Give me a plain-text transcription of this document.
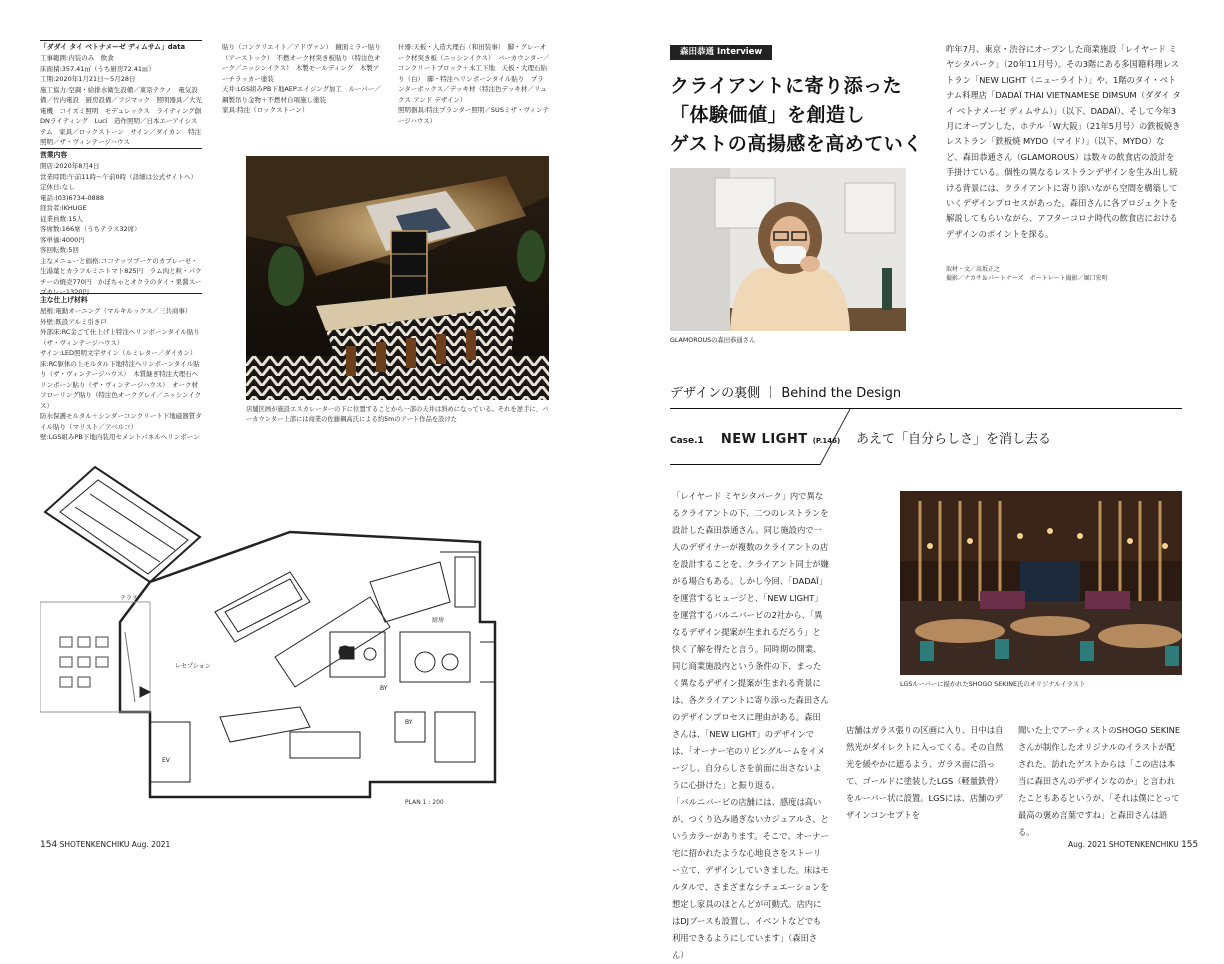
「ダダイ タイ ベトナメーゼ ディムサム」data
工事範囲:内装のみ　飲食
床面積:357.41㎡（うち厨房72.41㎡）
工期:2020年1月21日〜5月28日
施工協力:空調・給排水衛生設備／東京テクノ　電気設備／竹内電設　厨房設備／フジマック　照明器具／大光電機　コイズミ照明　モデュレックス　ライティング創　DNライティング　Luci　造作照明／日本エーアイシステム　家具／ロックストーン　サイン／ダイカン　特注照明／ザ・ヴィンテージハウス
営業内容
開店:2020年8月4日
営業時間:午前11時〜午前0時（詳細は公式サイトへ）
定休日:なし
電話:(03)6734-0888
経営者:IKHUGE
従業員数:15人
客席数:166席（うちテラス32席）
客単価:4000円
客回転数:5回
主なメニューと価格:ココナッツブーケのカプレーゼ・生湯葉とカラフルミニトマト825円　ラム肉と粒・パクチーの焼売770円　かぼちゃとオクラのタイ・果醤スープカレー1320円
主な仕上げ材料
屋根:電動オーニング（マルキルックス／三共商事）
外壁:既設アルミ引き戸
外部床:RC金ごて仕上げ上特注ヘリンボーンタイル貼り（ザ・ヴィンテージハウス）
サイン:LED照明文字サイン（ルミレター／ダイカン）
床:RC躯体の上モルタル下地特注ヘリンボーンタイル貼り（ザ・ヴィンテージハウス）　木質継ぎ特注大理石ヘリンボーン貼り（ザ・ヴィンテージハウス）　オーク材フローリング貼り（特注色オークグレイ／ニッシンイクス）
防水保護モルタル＋シンダーコンクリート下地磁器質タイル貼り（マリスト／アベルコ）
壁:LGS組みPB下地内装用セメントパネルヘリンボーン
貼り（コンクリエイト／アドヴァン）　鏡面ミラー貼り（アーストック）　不燃オーク材突き板貼り（特注色オーク／ニッシンイクス）　木製モールディング　木製アーチラッカー塗装
天井:LGS組みPB下地AEPエイジング加工　ルーバー／鋼製吊り金物＋不燃材自項施し塗装
家具:特注（ロックストーン）
什器:天板・人造大理石（和田装事）　脚・グレーオーク材突き板（ニッシンイクス）　バーカウンター／コンクリートブロック＋木工下地　天板・大理石貼り（白）　脚・特注ヘリンボーンタイル貼り　プランターボックス／デッキ材（特注色デッキ材／リュクス アンド デザイン）
照明器具:特注プランター照明／SUSミザ・ヴィンテージハウス）
店舗区画が施設エスカレーターの下に位置することから一部の天井は斜めになっている。それを逆手に、バーカウンター上部には商業の佐藤鋼高氏による約5mのアート作品を設けた
テラス
レセプション
厨房
BY
BY
EV
PLAN 1 : 200
154 SHOTENKENCHIKU Aug. 2021
森田恭通 Interview
クライアントに寄り添った
「体験価値」を創造し
ゲストの高揚感を高めていく
GLAMOROUSの森田恭通さん
昨年7月、東京・渋谷にオープンした商業施設「レイヤード ミヤシタパーク」（20年11月号）。その3階にある多国籍料理レストラン「NEW LIGHT（ニューライト）」や、1階のタイ・ベトナム料理店「DADAÏ THAI VIETNAMESE DIMSUM（ダダイ タイ ベトナメーゼ ディムサム）」（以下、DADAÏ）、そして今年3月にオープンした、ホテル「W大阪」（21年5月号）の鉄板焼きレストラン「鉄板焼 MYDO（マイド）」（以下、MYDO）など、森田恭通さん（GLAMOROUS）は数々の飲食店の設計を手掛けている。個性の異なるレストランデザインを生み出し続ける背景には、クライアントに寄り添いながら空間を構築していくデザインプロセスがあった。森田さんに各プロジェクトを解説してもらいながら、アフターコロナ時代の飲食店におけるデザインのポイントを探る。
取材・文／髙坂正之
撮影／ナカサ＆パートナーズ　ポートレート撮影／堀口宏明
デザインの裏側 ｜ Behind the Design
Case.1 NEW LIGHT (P.146) あえて「自分らしさ」を消し去る
「レイヤード ミヤシタパーク」内で異なるクライアントの下、二つのレストランを設計した森田恭通さん。同じ施設内で一人のデザイナーが複数のクライアントの店を設計することを、クライアント同士が嫌がる場合もある。しかし今回、「DADAÏ」を運営するヒュージと、「NEW LIGHT」を運営するバルニバービの2社から、「異なるデザイン提案が生まれるだろう」と快く了解を得たと言う。同時期の開業、同じ商業施設内という条件の下、まったく異なるデザイン提案が生まれる背景には、各クライアントに寄り添った森田さんのデザインプロセスに理由がある。森田さんは、「NEW LIGHT」のデザインでは、「オーナー宅のリビングルームをイメージし、自分らしさを前面に出さないように心掛けた」と振り返る。
「バルニバービの店舗には、感度は高いが、つくり込み過ぎないカジュアルさ、というカラーがあります。そこで、オーナー宅に招かれたような心地良さをストーリー立て、デザインしていきました。床はモルタルで、さまざまなシチュエーションを想定し家具のほとんどが可動式。店内にはDJブースも設置し、イベントなどでも利用できるようにしています」（森田さん）
LGSルーバーに描かれたSHOGO SEKINE氏のオリジナルイラスト
店舗はガラス張りの区画に入り、日中は自然光がダイレクトに入ってくる。その自然光を緩やかに遮るよう、ガラス面に沿って、ゴールドに塗装したLGS（軽量鉄骨）をルーバー状に設置。LGSには、店舗のデザインコンセプトを
聞いた上でアーティストのSHOGO SEKINEさんが制作したオリジナルのイラストが配された。訪れたゲストからは「この店は本当に森田さんのデザインなのか」と言われたこともあるというが、「それは僕にとって最高の褒め言葉ですね」と森田さんは語る。
Aug. 2021 SHOTENKENCHIKU 155
